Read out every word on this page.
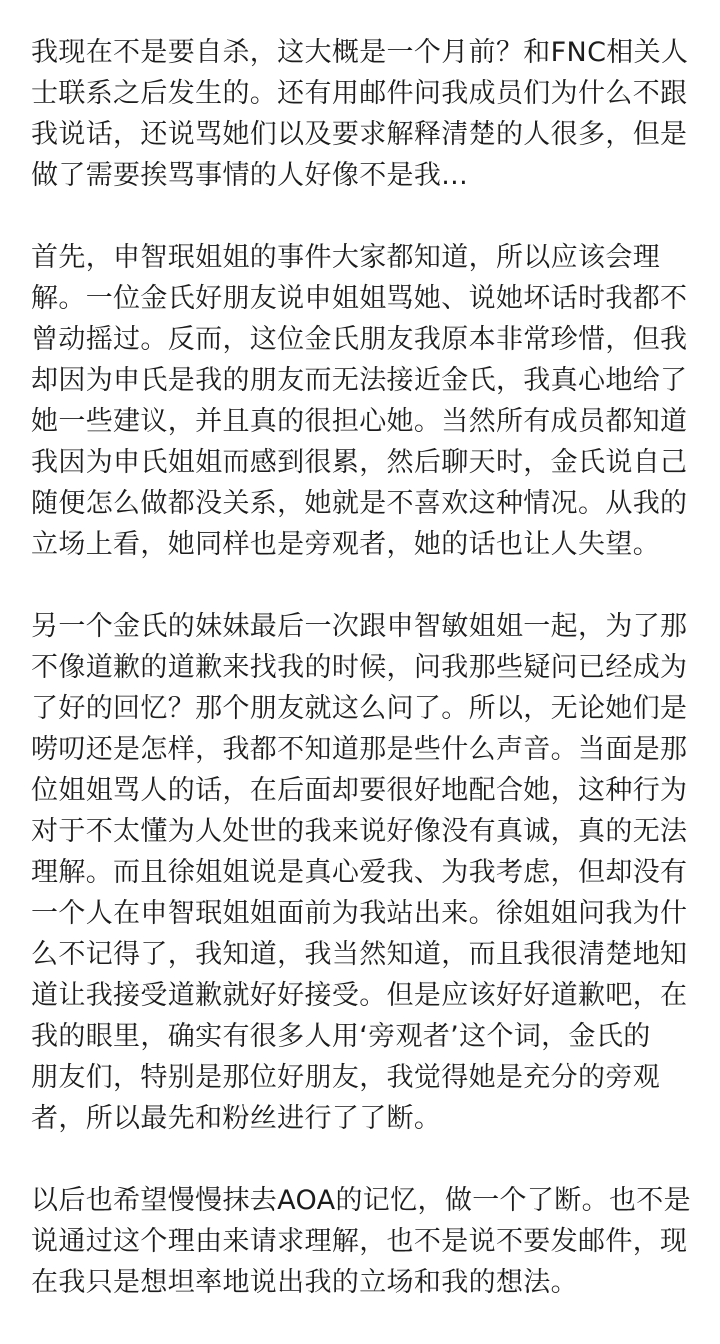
我现在不是要自杀，这大概是一个月前？和FNC相关人
士联系之后发生的。还有用邮件问我成员们为什么不跟
我说话，还说骂她们以及要求解释清楚的人很多，但是
做了需要挨骂事情的人好像不是我...
首先，申智珉姐姐的事件大家都知道，所以应该会理
解。一位金氏好朋友说申姐姐骂她、说她坏话时我都不
曾动摇过。反而，这位金氏朋友我原本非常珍惜，但我
却因为申氏是我的朋友而无法接近金氏，我真心地给了
她一些建议，并且真的很担心她。当然所有成员都知道
我因为申氏姐姐而感到很累，然后聊天时，金氏说自己
随便怎么做都没关系，她就是不喜欢这种情况。从我的
立场上看，她同样也是旁观者，她的话也让人失望。
另一个金氏的妹妹最后一次跟申智敏姐姐一起，为了那
不像道歉的道歉来找我的时候，问我那些疑问已经成为
了好的回忆？那个朋友就这么问了。所以，无论她们是
唠叨还是怎样，我都不知道那是些什么声音。当面是那
位姐姐骂人的话，在后面却要很好地配合她，这种行为
对于不太懂为人处世的我来说好像没有真诚，真的无法
理解。而且徐姐姐说是真心爱我、为我考虑，但却没有
一个人在申智珉姐姐面前为我站出来。徐姐姐问我为什
么不记得了，我知道，我当然知道，而且我很清楚地知
道让我接受道歉就好好接受。但是应该好好道歉吧，在
我的眼里，确实有很多人用‘旁观者’这个词，金氏的
朋友们，特别是那位好朋友，我觉得她是充分的旁观
者，所以最先和粉丝进行了了断。
以后也希望慢慢抹去AOA的记忆，做一个了断。也不是
说通过这个理由来请求理解，也不是说不要发邮件，现
在我只是想坦率地说出我的立场和我的想法。
